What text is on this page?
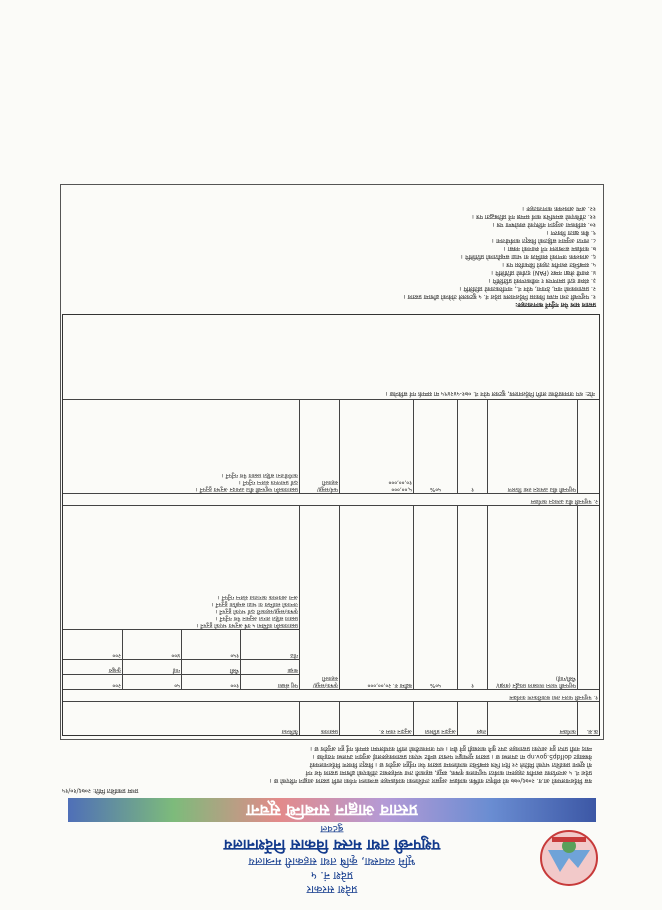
प्रदेश सरकार
प्रदेश नं. ५
भूमि व्यवस्था, कृषि तथा सहकारी मन्त्रालय
पशुपन्छी तथा मत्स्य विकास निर्देशनालय
बुटवल
प्रस्ताव आह्वान सम्बन्धि सूचना
प्रथम प्रकाशित मिति: २०७६/१०/१५
यस निर्देशनालयको आ.व. २०७६/०७७ को स्वीकृत वार्षिक कार्यक्रम अनुसार तपशिलका कार्यक्रमहरु सञ्चालन गर्नका लागि प्रस्ताव आह्वान गरिएको छ ।
प्रदेश नं. ५ अन्तर्गतका स्थानीय तहहरुमा कार्यरत पशुपालक कृषक, समूह, सहकारी तथा फर्महरुबाट तोकिएको ढाँचामा प्रस्ताव पेश गर्न
यो सूचना प्रकाशित भएको मितिले २१ दिन भित्र सम्बन्धित कार्यालयमा प्रस्ताव पेश गर्नुहुन अनुरोध छ । विस्तृत विवरण निर्देशनालयको
वेबसाइट dolfdp5.gov.np मा उपलब्ध छ । प्रस्ताव मूल्याङ्कन पश्चात छनौट भएका प्रस्तावकहरुलाई अनुदान उपलब्ध गराइनेछ ।
म्याद नाघी प्राप्त हुन आएका प्रस्तावहरु उपर कुनै कारबाही हुने छैन । थप जानकारीको लागि कार्यालयमा सम्पर्क गर्नु हुन अनुरोध छ ।
क्र.स.
कार्यक्रम
लक्ष्य
अनुदान प्रतिशत
अनुदान रकम रु.
प्रस्तावक
कैफियत
१. पशुपन्छी पालन तथा बजारीकरण कार्यक्रम
पशुपन्छी पालन व्यवसाय प्रवर्द्धन (बाख्रा/भैंसी/गाई)
१
५०%
बढीमा रु. २०,००,०००
कृषक/समूह/ सहकारी
पशु संख्या
१००
५०
२००
बाख्रा
भैंसी
गाई
कुखुरा
गोठ
१५०
४००
२००
प्रस्तावकसँग कम्तिमा ५ वर्ष अनुभव भएको हुनुपर्ने ।
प्रस्ताव सहित लागत अनुमान पेश गर्नुपर्ने ।
कृषक/समूह/सहकारी दर्ता भएको हुनुपर्ने ।
जग्गाको स्वामित्व वा भाडा सम्झौता हुनुपर्ने ।
अन्य आवश्यक कागजात संलग्न गर्नुपर्ने ।
२. पशुपन्छी बीउ उत्पादन कार्यक्रम
पशुपन्छी बीउ उत्पादन तथा वितरण
१
५०%
५,००,०००
१०,००,०००
फर्म/समूह/सहकारी
प्रस्तावकसँग पशुपन्छी बीउ उत्पादन अनुभव हुनुपर्ने ।
दर्ता प्रमाणपत्र संलग्न गर्नुपर्ने ।
कार्ययोजना सहित प्रस्ताव पेश गर्नुपर्ने ।
नोट: थप जानकारीका लागि निर्देशनालय, बुटवल फोन नं. ०७१-५४२४९५ मा सम्पर्क गर्न सकिनेछ ।
प्रस्ताव साथ पेश गर्नुपर्ने कागजातहरु:
१. पशुपन्छी तथा मत्स्य विकास निर्देशनालय प्रदेश नं. ५ बुटवलले तोकेको ढाँचामा प्रस्ताव ।
२. प्रस्तावकको नाम, ठेगाना, फोन नं., नागरिकताको प्रतिलिपि ।
३. संस्था दर्ता प्रमाणपत्र र नवीकरणको प्रतिलिपि ।
४. स्थायी लेखा नम्बर (PAN) दर्ताको प्रतिलिपि ।
५. सम्बन्धित स्थानीय तहको सिफारिस पत्र ।
६. आवश्यक जग्गाको स्वामित्व वा भाडा सम्झौताको प्रतिलिपि ।
७. कार्यक्रम सञ्चालन गर्ने स्थानको नक्सा ।
८. लागत अनुमान सहितको विस्तृत कार्ययोजना ।
९. बैंक खाता विवरण ।
१०. साविकमा अनुदान नलिएको स्वघोषणा पत्र ।
११. तोकिएको समयभित्र कार्य सम्पन्न गर्ने प्रतिबद्धता पत्र ।
१२. अन्य आवश्यक कागजातहरु ।
